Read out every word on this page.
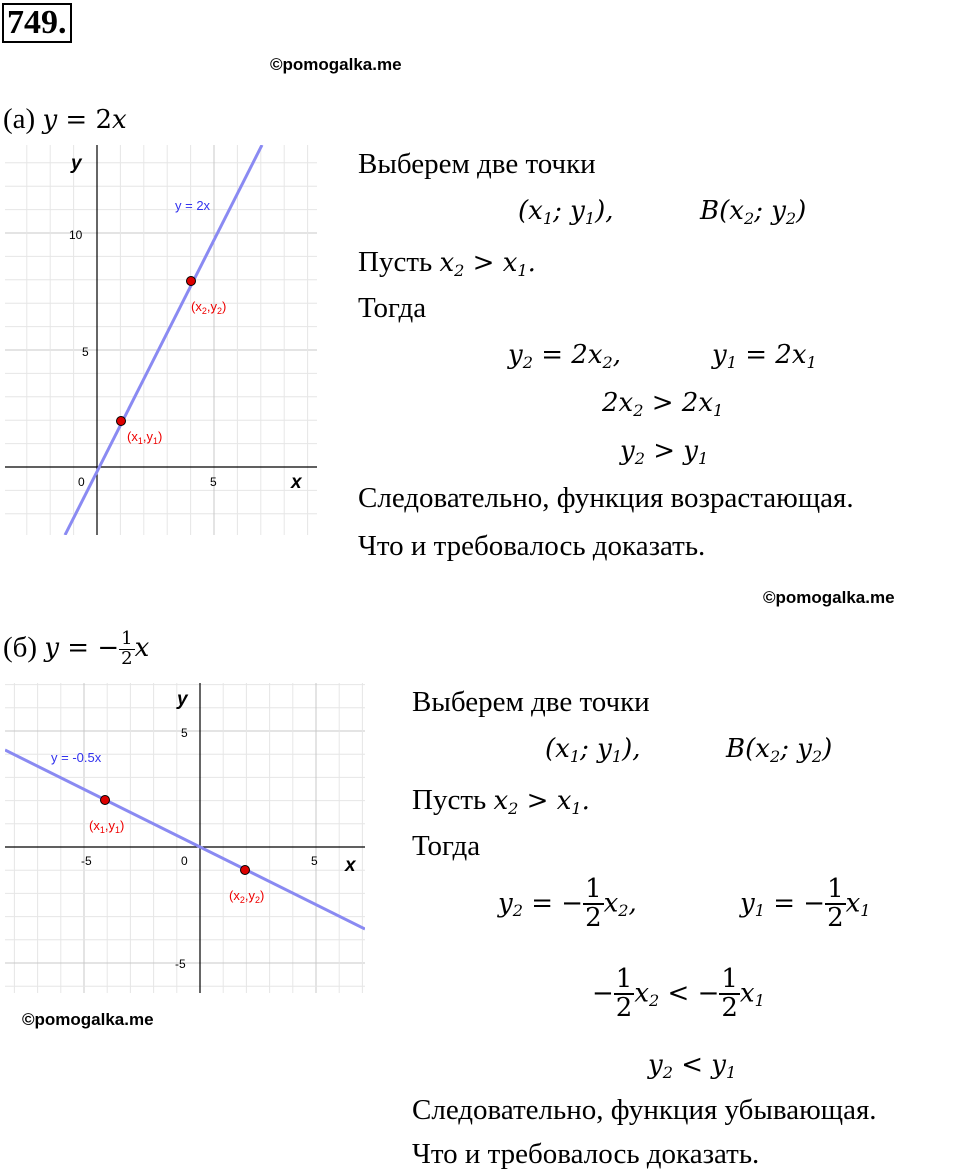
749.
©pomogalka.me
(а) y = 2x
y
x
0	5
5
10
y = 2x
$(x_2,y_2)$
$(x_1,y_1)$
Выберем две точки
($x_1$; $y_1$),	$B(x_2$; $y_2$)
Пусть $x_2 > x_1$.
Тогда
$y_2 = 2x_2$,	$y_1 = 2x_1$
$2x_2 > 2x_1$
$y_2 > y_1$
Следовательно, функция возрастающая.
Что и требовалось доказать.
©pomogalka.me
(б) y = − $\frac{1}{2}$ x
y
x
-5	0	5
5
-5
y = -0.5x
$(x_1,y_1)$
$(x_2,y_2)$
©pomogalka.me
Выберем две точки
($x_1$; $y_1$),	$B(x_2$; $y_2$)
Пусть $x_2 > x_1$.
Тогда
$y_2$ = − $\frac{1}{2} x_2$,	$y_1$ = − $\frac{1}{2} x_1$
− $\frac{1}{2} x_2$ < − $\frac{1}{2} x_1$
$y_2 < y_1$
Следовательно, функция убывающая.
Что и требовалось доказать.
